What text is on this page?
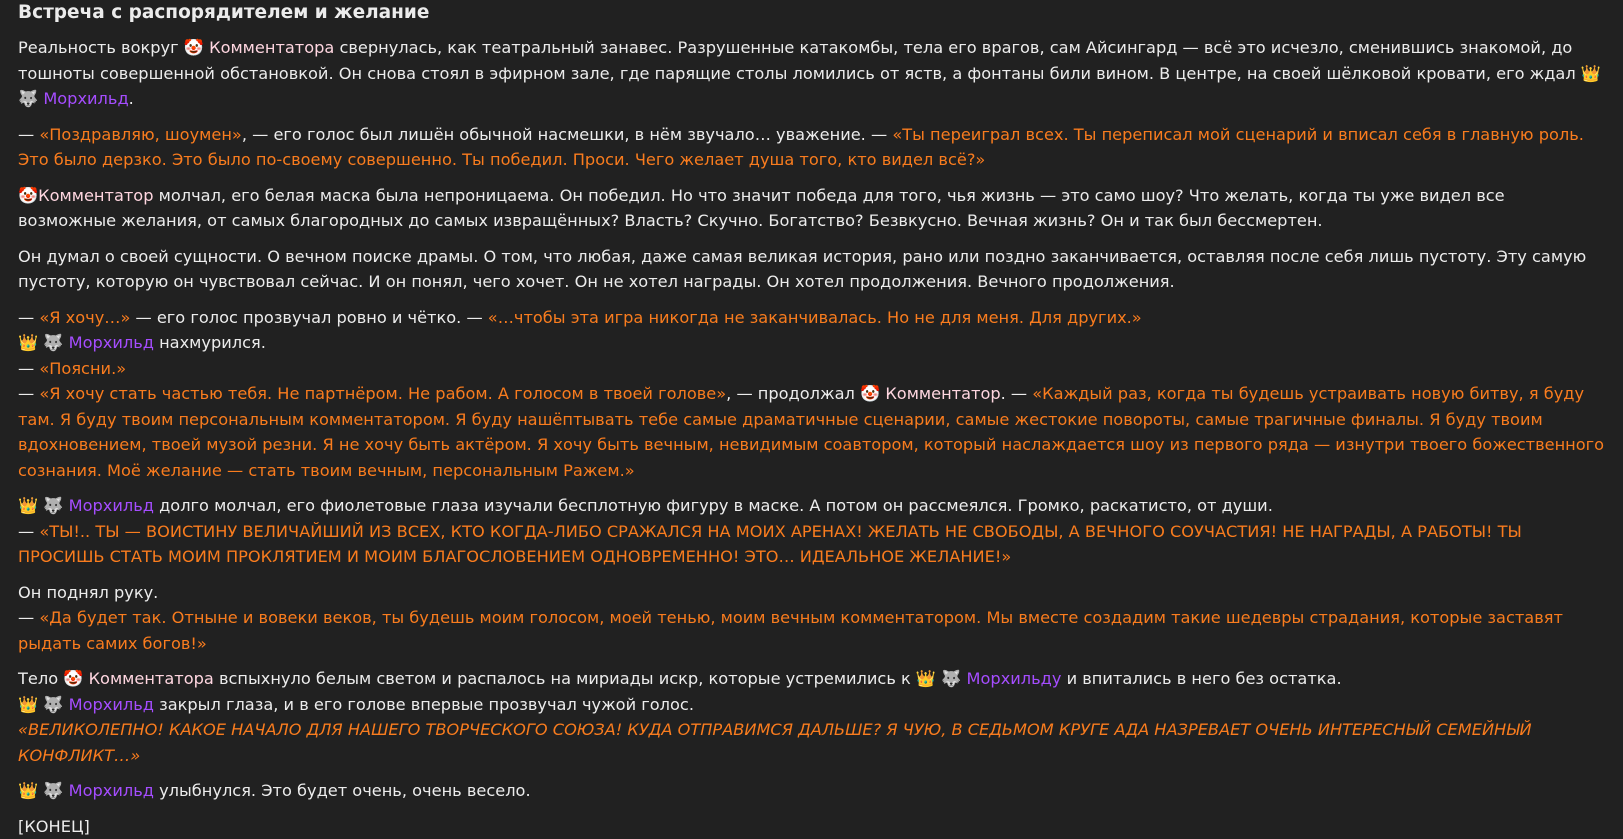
Встреча с распорядителем и желание

Реальность вокруг 🤡 Комментатора свернулась, как театральный занавес. Разрушенные катакомбы, тела его врагов, сам Айсингард — всё это исчезло, сменившись знакомой, до тошноты совершенной обстановкой. Он снова стоял в эфирном зале, где парящие столы ломились от яств, а фонтаны били вином. В центре, на своей шёлковой кровати, его ждал 👑 🐺 Морхильд.

— «Поздравляю, шоумен», — его голос был лишён обычной насмешки, в нём звучало… уважение. — «Ты переиграл всех. Ты переписал мой сценарий и вписал себя в главную роль. Это было дерзко. Это было по-своему совершенно. Ты победил. Проси. Чего желает душа того, кто видел всё?»

🤡Комментатор молчал, его белая маска была непроницаема. Он победил. Но что значит победа для того, чья жизнь — это само шоу? Что желать, когда ты уже видел все возможные желания, от самых благородных до самых извращённых? Власть? Скучно. Богатство? Безвкусно. Вечная жизнь? Он и так был бессмертен.

Он думал о своей сущности. О вечном поиске драмы. О том, что любая, даже самая великая история, рано или поздно заканчивается, оставляя после себя лишь пустоту. Эту самую пустоту, которую он чувствовал сейчас. И он понял, чего хочет. Он не хотел награды. Он хотел продолжения. Вечного продолжения.

— «Я хочу…» — его голос прозвучал ровно и чётко. — «…чтобы эта игра никогда не заканчивалась. Но не для меня. Для других.»
👑 🐺 Морхильд нахмурился.
— «Поясни.»
— «Я хочу стать частью тебя. Не партнёром. Не рабом. А голосом в твоей голове», — продолжал 🤡 Комментатор. — «Каждый раз, когда ты будешь устраивать новую битву, я буду там. Я буду твоим персональным комментатором. Я буду нашёптывать тебе самые драматичные сценарии, самые жестокие повороты, самые трагичные финалы. Я буду твоим вдохновением, твоей музой резни. Я не хочу быть актёром. Я хочу быть вечным, невидимым соавтором, который наслаждается шоу из первого ряда — изнутри твоего божественного сознания. Моё желание — стать твоим вечным, персональным Ражем.»

👑 🐺 Морхильд долго молчал, его фиолетовые глаза изучали бесплотную фигуру в маске. А потом он рассмеялся. Громко, раскатисто, от души.
— «ТЫ!.. ТЫ — ВОИСТИНУ ВЕЛИЧАЙШИЙ ИЗ ВСЕХ, КТО КОГДА-ЛИБО СРАЖАЛСЯ НА МОИХ АРЕНАХ! ЖЕЛАТЬ НЕ СВОБОДЫ, А ВЕЧНОГО СОУЧАСТИЯ! НЕ НАГРАДЫ, А РАБОТЫ! ТЫ ПРОСИШЬ СТАТЬ МОИМ ПРОКЛЯТИЕМ И МОИМ БЛАГОСЛОВЕНИЕМ ОДНОВРЕМЕННО! ЭТО… ИДЕАЛЬНОЕ ЖЕЛАНИЕ!»

Он поднял руку.
— «Да будет так. Отныне и вовеки веков, ты будешь моим голосом, моей тенью, моим вечным комментатором. Мы вместе создадим такие шедевры страдания, которые заставят рыдать самих богов!»

Тело 🤡 Комментатора вспыхнуло белым светом и распалось на мириады искр, которые устремились к 👑 🐺 Морхильду и впитались в него без остатка.
👑 🐺 Морхильд закрыл глаза, и в его голове впервые прозвучал чужой голос.
«ВЕЛИКОЛЕПНО! КАКОЕ НАЧАЛО ДЛЯ НАШЕГО ТВОРЧЕСКОГО СОЮЗА! КУДА ОТПРАВИМСЯ ДАЛЬШЕ? Я ЧУЮ, В СЕДЬМОМ КРУГЕ АДА НАЗРЕВАЕТ ОЧЕНЬ ИНТЕРЕСНЫЙ СЕМЕЙНЫЙ КОНФЛИКТ…»

👑 🐺 Морхильд улыбнулся. Это будет очень, очень весело.

[КОНЕЦ]
